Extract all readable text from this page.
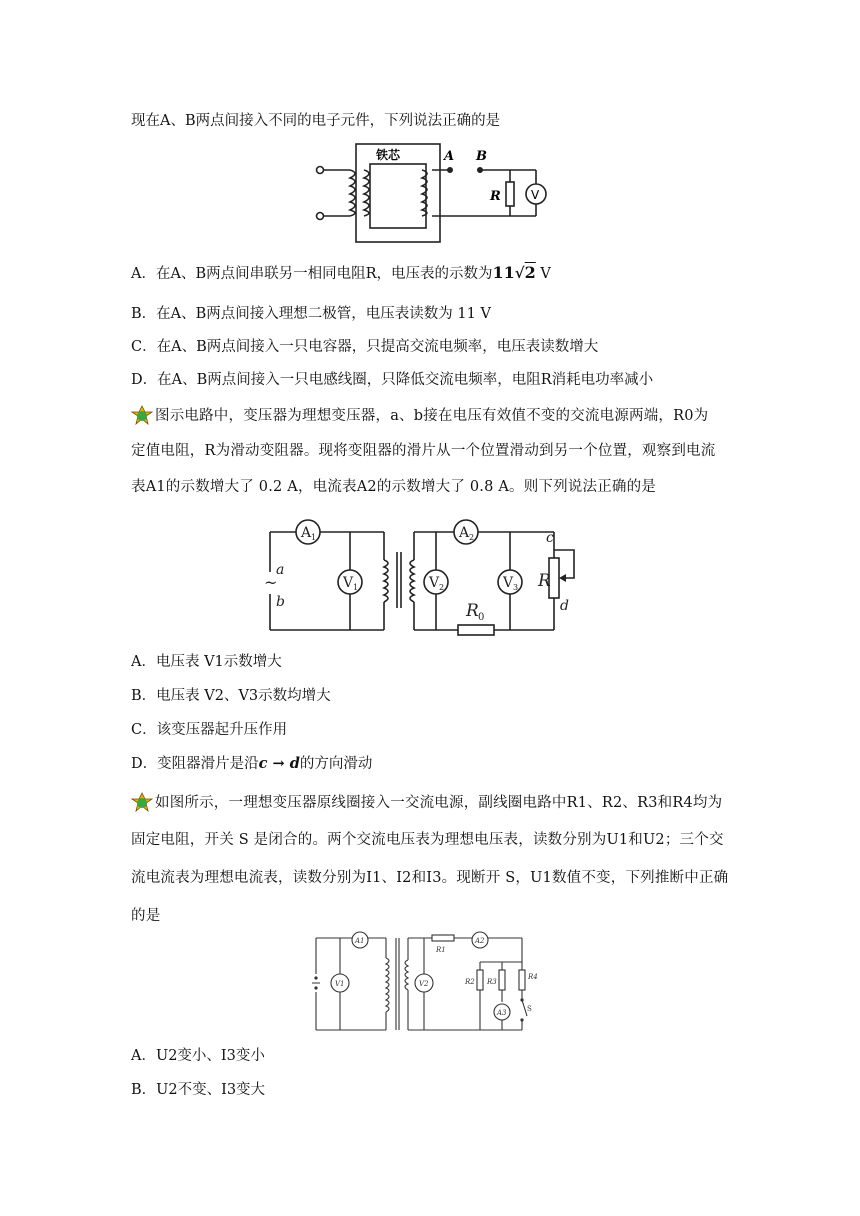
现在A、B两点间接入不同的电子元件，下列说法正确的是
铁芯	A B
R	V
A．在A、B两点间串联另一相同电阻R，电压表的示数为11√2 V
B．在A、B两点间接入理想二极管，电压表读数为 11 V
C．在A、B两点间接入一只电容器，只提高交流电频率，电压表读数增大
D．在A、B两点间接入一只电感线圈，只降低交流电频率，电阻R消耗电功率减小
图示电路中，变压器为理想变压器，a、b接在电压有效值不变的交流电源两端，R0为
定值电阻，R为滑动变阻器。现将变阻器的滑片从一个位置滑动到另一个位置，观察到电流
表A1的示数增大了 0.2 A，电流表A2的示数增大了 0.8 A。则下列说法正确的是
A 1
V 1
A 2
V 2	V 3
a
~
b	R 0
R
c
d
A．电压表 V1示数增大
B．电压表 V2、V3示数均增大
C．该变压器起升压作用
D．变阻器滑片是沿c → d的方向滑动
如图所示，一理想变压器原线圈接入一交流电源，副线圈电路中R1、R2、R3和R4均为
固定电阻，开关 S 是闭合的。两个交流电压表为理想电压表，读数分别为U1和U2；三个交
流电流表为理想电流表，读数分别为I1、I2和I3。现断开 S，U1数值不变，下列推断中正确
的是
A1
V1	V2
A2
A3
R1
R2 R3
R4
S
A．U2变小、I3变小
B．U2不变、I3变大
